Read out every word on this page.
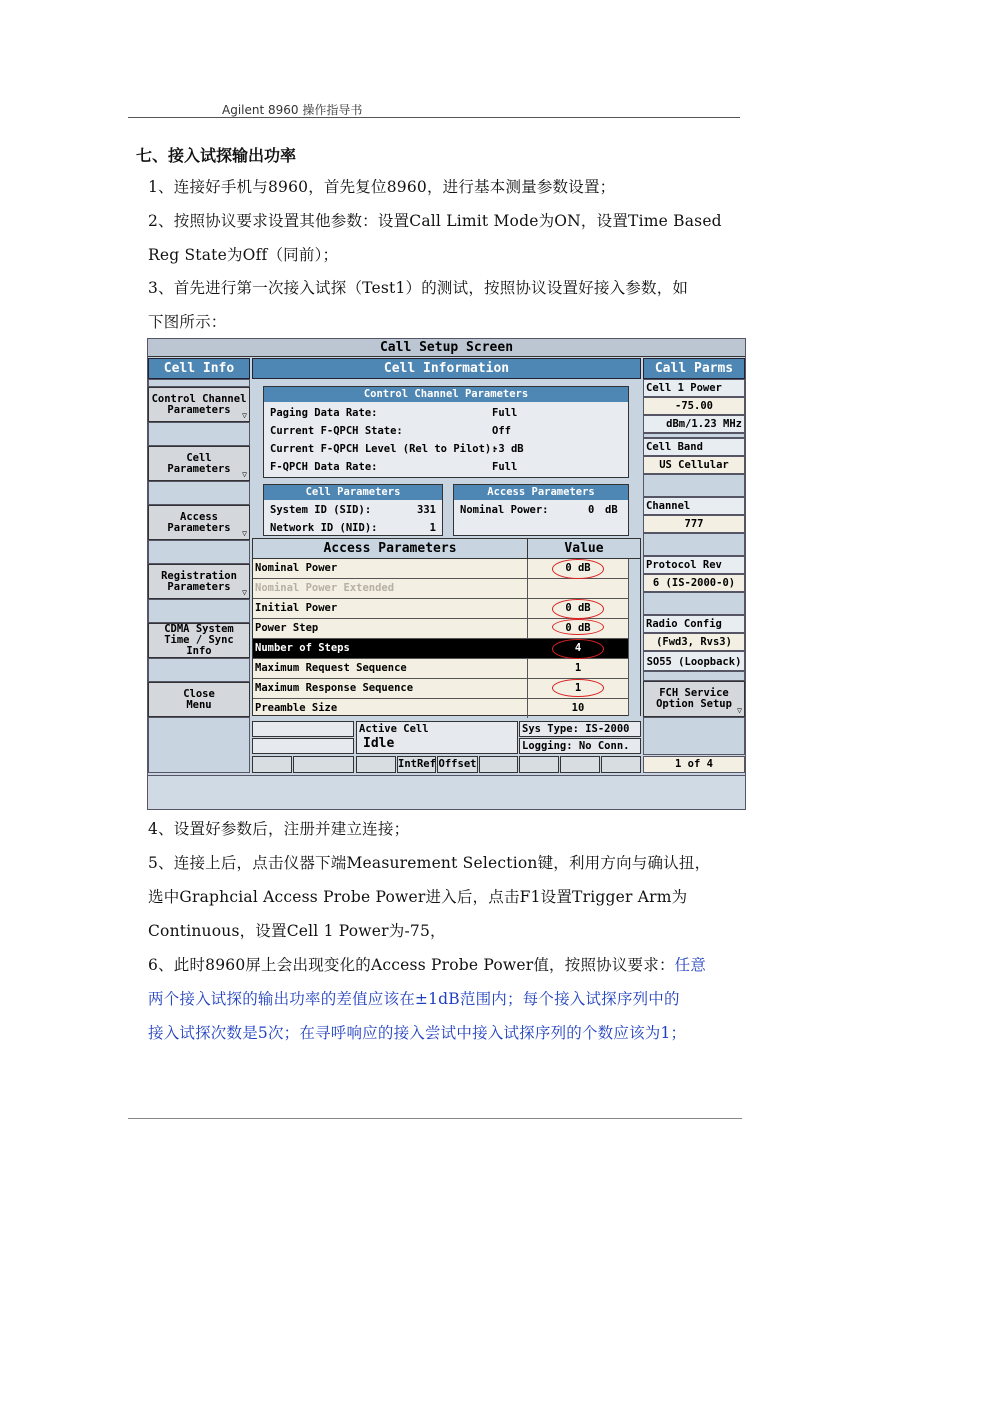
Agilent 8960 操作指导书
七、接入试探输出功率
1、连接好手机与8960，首先复位8960，进行基本测量参数设置；
2、按照协议要求设置其他参数：设置Call Limit Mode为ON，设置Time Based
Reg State为Off（同前）；
3、首先进行第一次接入试探（Test1）的测试，按照协议设置好接入参数，如
下图所示：
Call Setup Screen
Cell Info	Cell Information	Call Parms
Control Channel
Parameters	▽
Cell
Parameters	▽
Access
Parameters	▽
Registration
Parameters	▽
CDMA System
Time / Sync Info
Close
Menu
Control Channel Parameters
Paging Data Rate:	Full
Current F-QPCH State:	Off
Current F-QPCH Level (Rel to Pilot):
-3 dB
F-QPCH Data Rate:	Full
Cell Parameters
System ID (SID):	331
Network ID (NID):	1
Access Parameters
Nominal Power:	0 dB
Access Parameters	Value
Nominal Power	0 dB
Nominal Power Extended
Initial Power	0 dB
Power Step	0 dB
Number of Steps	4
Maximum Request Sequence	1
Maximum Response Sequence	1
Preamble Size	10
Cell 1 Power
-75.00
dBm/1.23 MHz
Cell Band
US Cellular
Channel
777
Protocol Rev
6 (IS-2000-0)
Radio Config
(Fwd3, Rvs3)
SO55 (Loopback)
FCH Service
Option Setup
▽
Active Cell
Idle
Sys Type: IS-2000
Logging: No Conn.
IntRef Offset	1 of 4
4、设置好参数后，注册并建立连接；
5、连接上后，点击仪器下端Measurement Selection键，利用方向与确认扭，
选中Graphcial Access Probe Power进入后，点击F1设置Trigger Arm为
Continuous，设置Cell 1 Power为-75，
6、此时8960屏上会出现变化的Access Probe Power值，按照协议要求：任意
两个接入试探的输出功率的差值应该在±1dB范围内；每个接入试探序列中的
接入试探次数是5次；在寻呼响应的接入尝试中接入试探序列的个数应该为1；
